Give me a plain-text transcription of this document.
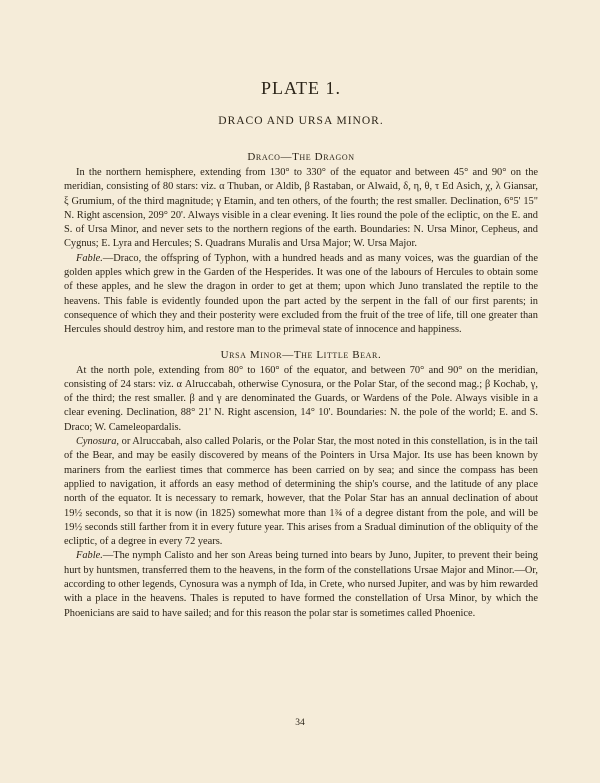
PLATE 1.
DRACO AND URSA MINOR.
Draco—The Dragon

In the northern hemisphere, extending from 130° to 330° of the equator and between 45° and 90° on the meridian, consisting of 80 stars: viz. α Thuban, or Aldib, β Rastaban, or Alwaid, δ, η, θ, τ Ed Asich, χ, λ Giansar, ξ Grumium, of the third magnitude; γ Etamin, and ten others, of the fourth; the rest smaller. Declination, 6°5' 15" N. Right ascension, 209° 20'. Always visible in a clear evening. It lies round the pole of the ecliptic, on the E. and S. of Ursa Minor, and never sets to the northern regions of the earth. Boundaries: N. Ursa Minor, Cepheus, and Cygnus; E. Lyra and Hercules; S. Quadrans Muralis and Ursa Major; W. Ursa Major.

Fable.—Draco, the offspring of Typhon, with a hundred heads and as many voices, was the guardian of the golden apples which grew in the Garden of the Hesperides. It was one of the labours of Hercules to obtain some of these apples, and he slew the dragon in order to get at them; upon which Juno translated the reptile to the heavens. This fable is evidently founded upon the part acted by the serpent in the fall of our first parents; in consequence of which they and their posterity were excluded from the fruit of the tree of life, till one greater than Hercules should destroy him, and restore man to the primeval state of innocence and happiness.

Ursa Minor—The Little Bear.

At the north pole, extending from 80° to 160° of the equator, and between 70° and 90° on the meridian, consisting of 24 stars: viz. α Alruccabah, otherwise Cynosura, or the Polar Star, of the second mag.; β Kochab, γ, of the third; the rest smaller. β and γ are denominated the Guards, or Wardens of the Pole. Always visible in a clear evening. Declination, 88° 21' N. Right ascension, 14° 10'. Boundaries: N. the pole of the world; E. and S. Draco; W. Cameleopardalis.

Cynosura, or Alruccabah, also called Polaris, or the Polar Star, the most noted in this constellation, is in the tail of the Bear, and may be easily discovered by means of the Pointers in Ursa Major. Its use has been known by mariners from the earliest times that commerce has been carried on by sea; and since the compass has been applied to navigation, it affords an easy method of determining the ship's course, and the latitude of any place north of the equator. It is necessary to remark, however, that the Polar Star has an annual declination of about 19½ seconds, so that it is now (in 1825) somewhat more than 1¾ of a degree distant from the pole, and will be 19½ seconds still farther from it in every future year. This arises from a Sradual diminution of the obliquity of the ecliptic, of a degree in every 72 years.

Fable.—The nymph Calisto and her son Areas being turned into bears by Juno, Jupiter, to prevent their being hurt by huntsmen, transferred them to the heavens, in the form of the constellations Ursae Major and Minor.—Or, according to other legends, Cynosura was a nymph of Ida, in Crete, who nursed Jupiter, and was by him rewarded with a place in the heavens. Thales is reputed to have formed the constellation of Ursa Minor, by which the Phoenicians are said to have sailed; and for this reason the polar star is sometimes called Phoenice.

34
